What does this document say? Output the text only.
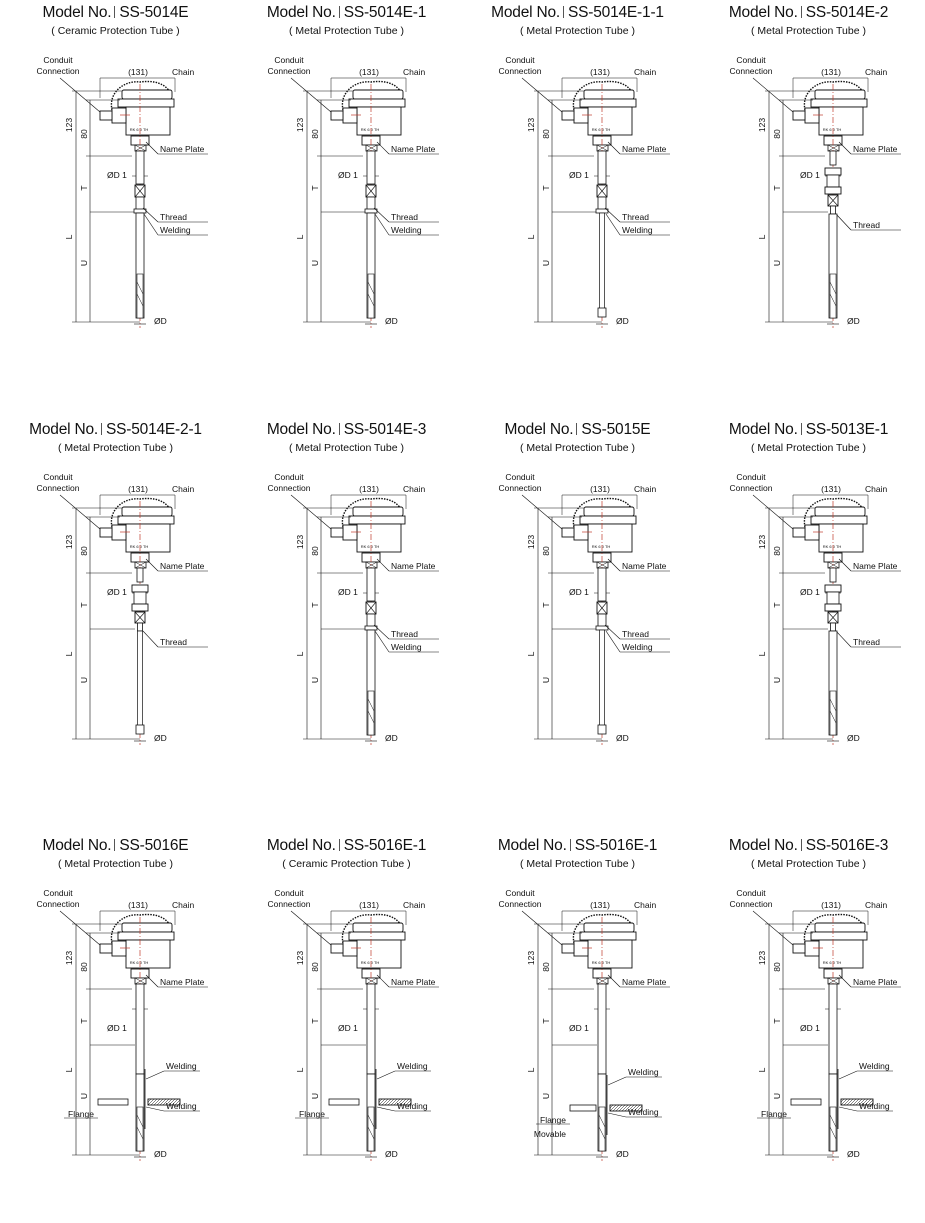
Model No. SS-5014E
( Ceramic Protection Tube )
Conduit
Connection	(131)	Chain
RK 6 0 TH
Name Plate
123
80
T
L
U
ØD 1
Thread
Welding
ØD
Model No. SS-5014E-1
( Metal Protection Tube )
Conduit
Connection	(131)	Chain
RK 6 0 TH
Name Plate
123
80
T
L
U
ØD 1
Thread
Welding
ØD
Model No. SS-5014E-1-1
( Metal Protection Tube )
Conduit
Connection	(131)	Chain
RK 6 0 TH
Name Plate
123
80
T
L
U
ØD 1
Thread
Welding
ØD
Model No. SS-5014E-2
( Metal Protection Tube )
Conduit
Connection	(131)	Chain
RK 6 0 TH
Name Plate
123
80
T
L
U
ØD 1
Thread
ØD
Model No. SS-5014E-2-1
( Metal Protection Tube )
Conduit
Connection	(131)	Chain
RK 6 0 TH
Name Plate
123
80
T
L
U
ØD 1
Thread
ØD
Model No. SS-5014E-3
( Metal Protection Tube )
Conduit
Connection	(131)	Chain
RK 6 0 TH
Name Plate
123
80
T
L
U
ØD 1
Thread
Welding
ØD
Model No. SS-5015E
( Metal Protection Tube )
Conduit
Connection	(131)	Chain
RK 6 0 TH
Name Plate
123
80
T
L
U
ØD 1
Thread
Welding
ØD
Model No. SS-5013E-1
( Metal Protection Tube )
Conduit
Connection	(131)	Chain
RK 6 0 TH
Name Plate
123
80
T
L
U
ØD 1
Thread
ØD
Model No. SS-5016E
( Metal Protection Tube )
Conduit
Connection	(131)	Chain
RK 6 0 TH
Name Plate
123
80
T
L
U
ØD 1
Welding
Welding
Flange
ØD
Model No. SS-5016E-1
( Ceramic Protection Tube )
Conduit
Connection	(131)	Chain
RK 6 0 TH
Name Plate
123
80
T
L
U
ØD 1
Welding
Welding
Flange
ØD
Model No. SS-5016E-1
( Metal Protection Tube )
Conduit
Connection	(131)	Chain
RK 6 0 TH
Name Plate
123
80
T
L
U
ØD 1
Welding
Welding
Flange
Movable
ØD
Model No. SS-5016E-3
( Metal Protection Tube )
Conduit
Connection	(131)	Chain
RK 6 0 TH
Name Plate
123
80
T
L
U
ØD 1
Welding
Welding
Flange
ØD
